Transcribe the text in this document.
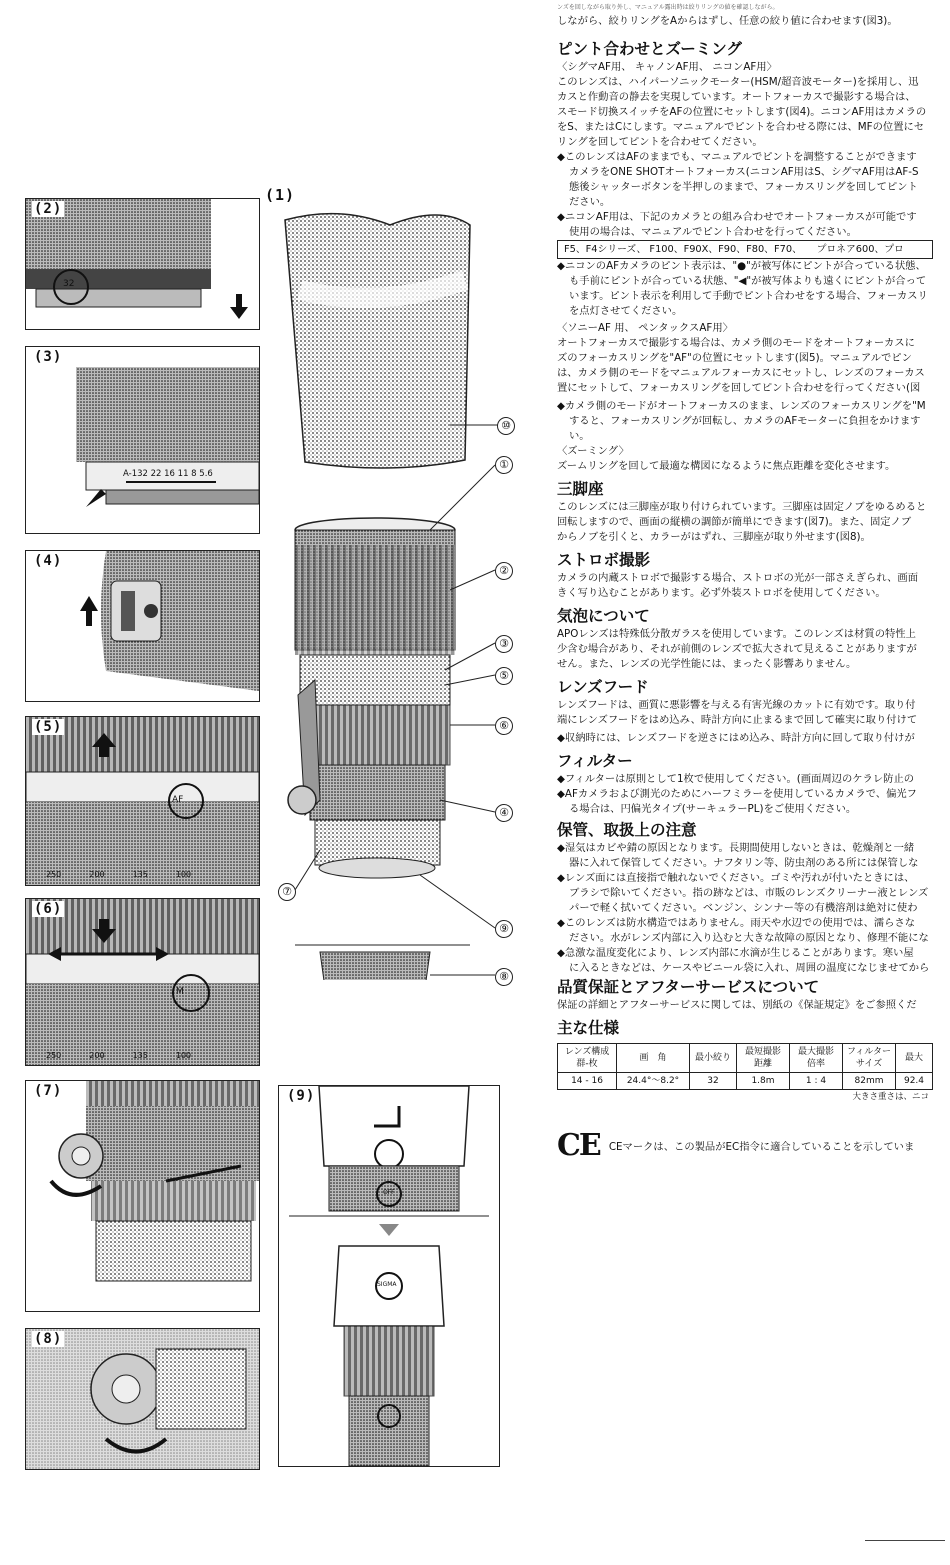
(1)
⑩
①
②
③
⑤
⑥
④
⑦
⑨
⑧
32
(2)
A-132 22 16 11 8 5.6
(3)
(4)
AF
250	200	135	100
(5)
M
250	200	135	100
(6)
(7)
(8)
OFF
SIGMA
(9)
ンズを回しながら取り外し、マニュアル露出時は絞りリングの値を確認しながら。

しながら、絞りリングをAからはずし、任意の絞り値に合わせます(図3)。

ピント合わせとズーミング
〈シグマAF用、 キャノンAF用、 ニコンAF用〉

このレンズは、ハイパーソニックモーター(HSM/超音波モーター)を採用し、迅

カスと作動音の静去を実現しています。オートフォーカスで撮影する場合は、

スモード切換スイッチをAFの位置にセットします(図4)。ニコンAF用はカメラの

をS、またはCにします。マニュアルでピントを合わせる際には、MFの位置にセ

リングを回してピントを合わせてください。

◆このレンズはAFのままでも、マニュアルでピントを調整することができます
カメラをONE SHOTオートフォーカス(ニコンAF用はS、シグマAF用はAF-S
態後シャッターボタンを半押しのままで、フォーカスリングを回してピント
ださい。
◆ニコンAF用は、下記のカメラとの組み合わせでオートフォーカスが可能です
使用の場合は、マニュアルでピント合わせを行ってください。
F5、F4シリーズ、 F100、F90X、F90、F80、F70、　　プロネア600、プロ
◆ニコンのAFカメラのピント表示は、"●"が被写体にピントが合っている状態、
も手前にピントが合っている状態、"◀"が被写体よりも遠くにピントが合って
います。ピント表示を利用して手動でピント合わせをする場合、フォーカスリ
を点灯させてください。
〈ソニーAF 用、 ペンタックスAF用〉

オートフォーカスで撮影する場合は、カメラ側のモードをオートフォーカスに

ズのフォーカスリングを"AF"の位置にセットします(図5)。マニュアルでピン

は、カメラ側のモードをマニュアルフォーカスにセットし、レンズのフォーカス

置にセットして、フォーカスリングを回してピント合わせを行ってください(図

◆カメラ側のモードがオートフォーカスのまま、レンズのフォーカスリングを"M
すると、フォーカスリングが回転し、カメラのAFモーターに負担をかけます
い。
〈ズーミング〉

ズームリングを回して最適な構図になるように焦点距離を変化させます。

三脚座

このレンズには三脚座が取り付けられています。三脚座は固定ノブをゆるめると

回転しますので、画面の縦横の調節が簡単にできます(図7)。また、固定ノブ

からノブを引くと、カラーがはずれ、三脚座が取り外せます(図8)。

ストロボ撮影

カメラの内蔵ストロボで撮影する場合、ストロボの光が一部さえぎられ、画面

きく写り込むことがあります。必ず外装ストロボを使用してください。

気泡について

APOレンズは特殊低分散ガラスを使用しています。このレンズは材質の特性上

少含む場合があり、それが前側のレンズで拡大されて見えることがありますが

せん。また、レンズの光学性能には、まったく影響ありません。

レンズフード

レンズフードは、画質に悪影響を与える有害光線のカットに有効です。取り付

端にレンズフードをはめ込み、時計方向に止まるまで回して確実に取り付けて

◆収納時には、レンズフードを逆さにはめ込み、時計方向に回して取り付けが
フィルター
◆フィルターは原則として1枚で使用してください。(画面周辺のケラレ防止の
◆AFカメラおよび測光のためにハーフミラーを使用しているカメラで、偏光フ
る場合は、円偏光タイプ(サーキュラーPL)をご使用ください。
保管、取扱上の注意
◆湿気はカビや錆の原因となります。長期間使用しないときは、乾燥剤と一緒
器に入れて保管してください。ナフタリン等、防虫剤のある所には保管しな
◆レンズ面には直接指で触れないでください。ゴミや汚れが付いたときには、
ブラシで除いてください。指の跡などは、市販のレンズクリーナー液とレンズ
パーで軽く拭いてください。ベンジン、シンナー等の有機溶剤は絶対に使わ
◆このレンズは防水構造ではありません。雨天や水辺での使用では、濡らさな
ださい。水がレンズ内部に入り込むと大きな故障の原因となり、修理不能にな
◆急激な温度変化により、レンズ内部に水滴が生じることがあります。寒い屋
に入るときなどは、ケースやビニール袋に入れ、周囲の温度になじませてから
品質保証とアフターサービスについて

保証の詳細とアフターサービスに関しては、別紙の《保証規定》をご参照くだ

主な仕様
レンズ構成 群-枚	画　角	最小絞り	最短撮影 距離	最大撮影 倍率	フィルター サイズ	最大
14 - 16	24.4°〜8.2°	32	1.8m	1 : 4	82mm	92.4
大きさ重さは、ニコ
CE CEマークは、この製品がEC指令に適合していることを示していま
